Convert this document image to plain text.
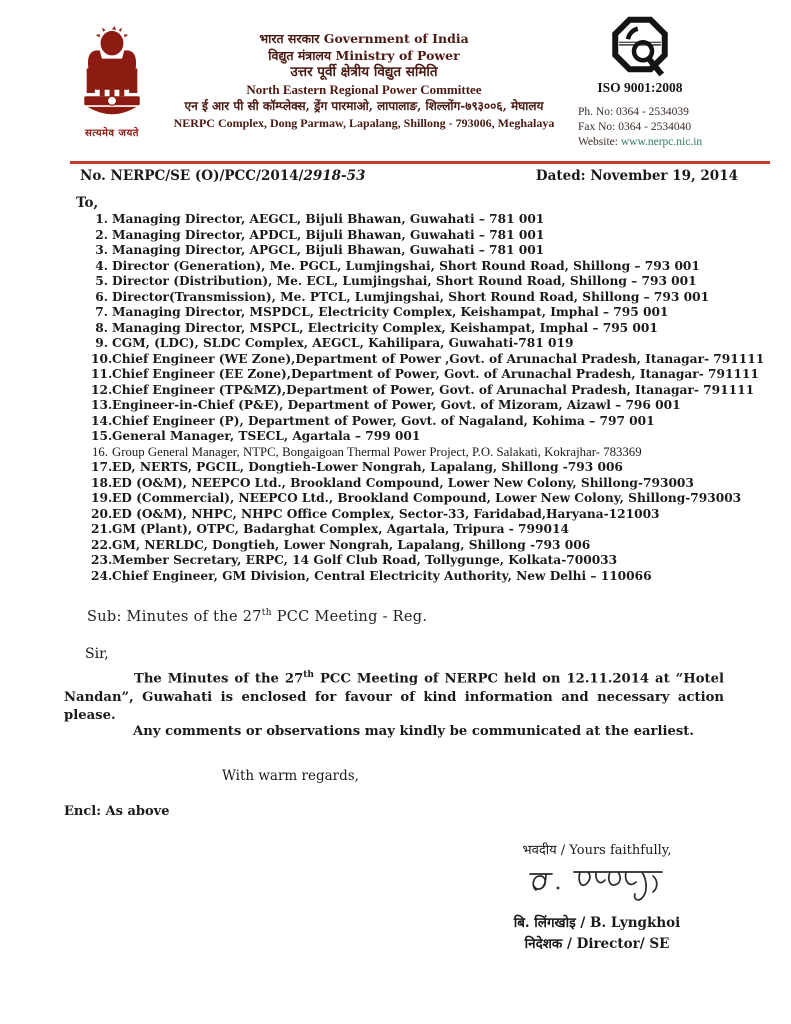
सत्यमेव जयते
भारत सरकार Government of India
विद्युत मंत्रालय Ministry of Power
उत्तर पूर्वी क्षेत्रीय विद्युत समिति
North Eastern Regional Power Committee
एन ई आर पी सी कॉम्प्लेक्स, ड्रेंग पारमाओ, लापालाङ, शिल्लोंग-७९३००६, मेघालय
NERPC Complex, Dong Parmaw, Lapalang, Shillong - 793006, Meghalaya
ISO 9001:2008
Ph. No: 0364 - 2534039
Fax No: 0364 - 2534040
Website: www.nerpc.nic.in
No. NERPC/SE (O)/PCC/2014/2918-53	Dated: November 19, 2014
To,
1. Managing Director, AEGCL, Bijuli Bhawan, Guwahati – 781 001
2. Managing Director, APDCL, Bijuli Bhawan, Guwahati – 781 001
3. Managing Director, APGCL, Bijuli Bhawan, Guwahati – 781 001
4. Director (Generation), Me. PGCL, Lumjingshai, Short Round Road, Shillong – 793 001
5. Director (Distribution), Me. ECL, Lumjingshai, Short Round Road, Shillong – 793 001
6. Director(Transmission), Me. PTCL, Lumjingshai, Short Round Road, Shillong – 793 001
7. Managing Director, MSPDCL, Electricity Complex, Keishampat, Imphal – 795 001
8. Managing Director, MSPCL, Electricity Complex, Keishampat, Imphal – 795 001
9. CGM, (LDC), SLDC Complex, AEGCL, Kahilipara, Guwahati-781 019
10.Chief Engineer (WE Zone),Department of Power ,Govt. of Arunachal Pradesh, Itanagar- 791111
11.Chief Engineer (EE Zone),Department of Power, Govt. of Arunachal Pradesh, Itanagar- 791111
12.Chief Engineer (TP&MZ),Department of Power, Govt. of Arunachal Pradesh, Itanagar- 791111
13.Engineer-in-Chief (P&E), Department of Power, Govt. of Mizoram, Aizawl – 796 001
14.Chief Engineer (P), Department of Power, Govt. of Nagaland, Kohima – 797 001
15.General Manager, TSECL, Agartala – 799 001
16. Group General Manager, NTPC, Bongaigoan Thermal Power Project, P.O. Salakati, Kokrajhar- 783369
17.ED, NERTS, PGCIL, Dongtieh-Lower Nongrah, Lapalang, Shillong -793 006
18.ED (O&M), NEEPCO Ltd., Brookland Compound, Lower New Colony, Shillong-793003
19.ED (Commercial), NEEPCO Ltd., Brookland Compound, Lower New Colony, Shillong-793003
20.ED (O&M), NHPC, NHPC Office Complex, Sector-33, Faridabad,Haryana-121003
21.GM (Plant), OTPC, Badarghat Complex, Agartala, Tripura - 799014
22.GM, NERLDC, Dongtieh, Lower Nongrah, Lapalang, Shillong -793 006
23.Member Secretary, ERPC, 14 Golf Club Road, Tollygunge, Kolkata-700033
24.Chief Engineer, GM Division, Central Electricity Authority, New Delhi – 110066
Sub: Minutes of the 27th PCC Meeting - Reg.
Sir,

The Minutes of the 27th PCC Meeting of NERPC held on 12.11.2014 at “Hotel Nandan”, Guwahati is enclosed for favour of kind information and necessary action please.

Any comments or observations may kindly be communicated at the earliest.
With warm regards,
Encl: As above
भवदीय / Yours faithfully,
बि. लिंगखोइ / B. Lyngkhoi
निदेशक / Director/ SE
